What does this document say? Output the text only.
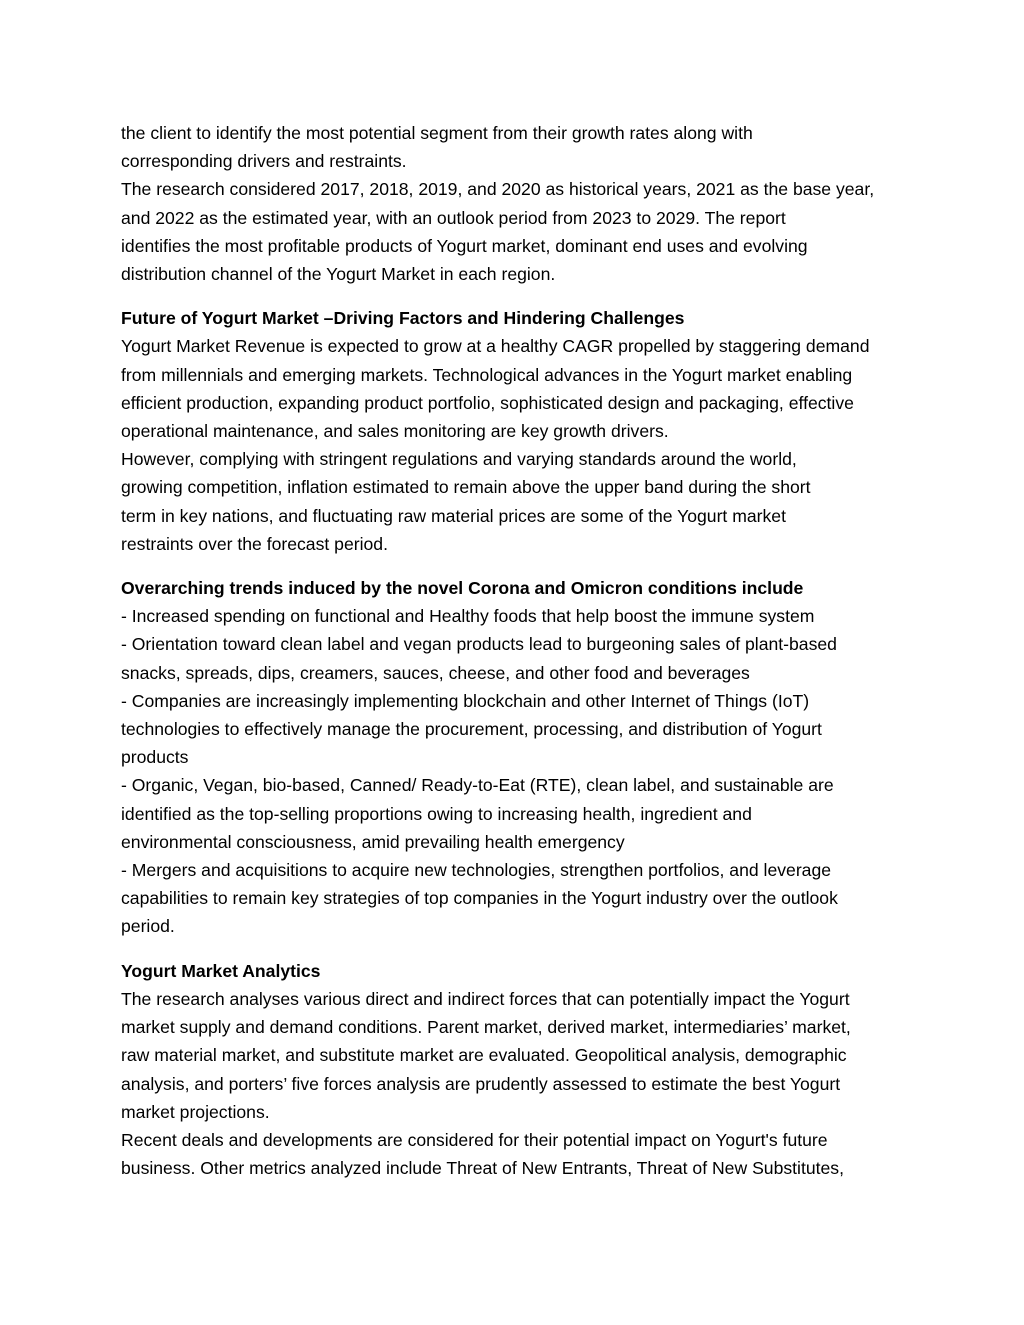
the client to identify the most potential segment from their growth rates along with
corresponding drivers and restraints.
The research considered 2017, 2018, 2019, and 2020 as historical years, 2021 as the base year,
and 2022 as the estimated year, with an outlook period from 2023 to 2029. The report
identifies the most profitable products of Yogurt market, dominant end uses and evolving
distribution channel of the Yogurt Market in each region.

Future of Yogurt Market –Driving Factors and Hindering Challenges

Yogurt Market Revenue is expected to grow at a healthy CAGR propelled by staggering demand
from millennials and emerging markets. Technological advances in the Yogurt market enabling
efficient production, expanding product portfolio, sophisticated design and packaging, effective
operational maintenance, and sales monitoring are key growth drivers.
However, complying with stringent regulations and varying standards around the world,
growing competition, inflation estimated to remain above the upper band during the short
term in key nations, and fluctuating raw material prices are some of the Yogurt market
restraints over the forecast period.

Overarching trends induced by the novel Corona and Omicron conditions include

- Increased spending on functional and Healthy foods that help boost the immune system
- Orientation toward clean label and vegan products lead to burgeoning sales of plant-based
snacks, spreads, dips, creamers, sauces, cheese, and other food and beverages
- Companies are increasingly implementing blockchain and other Internet of Things (IoT)
technologies to effectively manage the procurement, processing, and distribution of Yogurt
products
- Organic, Vegan, bio-based, Canned/ Ready-to-Eat (RTE), clean label, and sustainable are
identified as the top-selling proportions owing to increasing health, ingredient and
environmental consciousness, amid prevailing health emergency
- Mergers and acquisitions to acquire new technologies, strengthen portfolios, and leverage
capabilities to remain key strategies of top companies in the Yogurt industry over the outlook
period.

Yogurt Market Analytics

The research analyses various direct and indirect forces that can potentially impact the Yogurt
market supply and demand conditions. Parent market, derived market, intermediaries’ market,
raw material market, and substitute market are evaluated. Geopolitical analysis, demographic
analysis, and porters’ five forces analysis are prudently assessed to estimate the best Yogurt
market projections.
Recent deals and developments are considered for their potential impact on Yogurt's future
business. Other metrics analyzed include Threat of New Entrants, Threat of New Substitutes,
